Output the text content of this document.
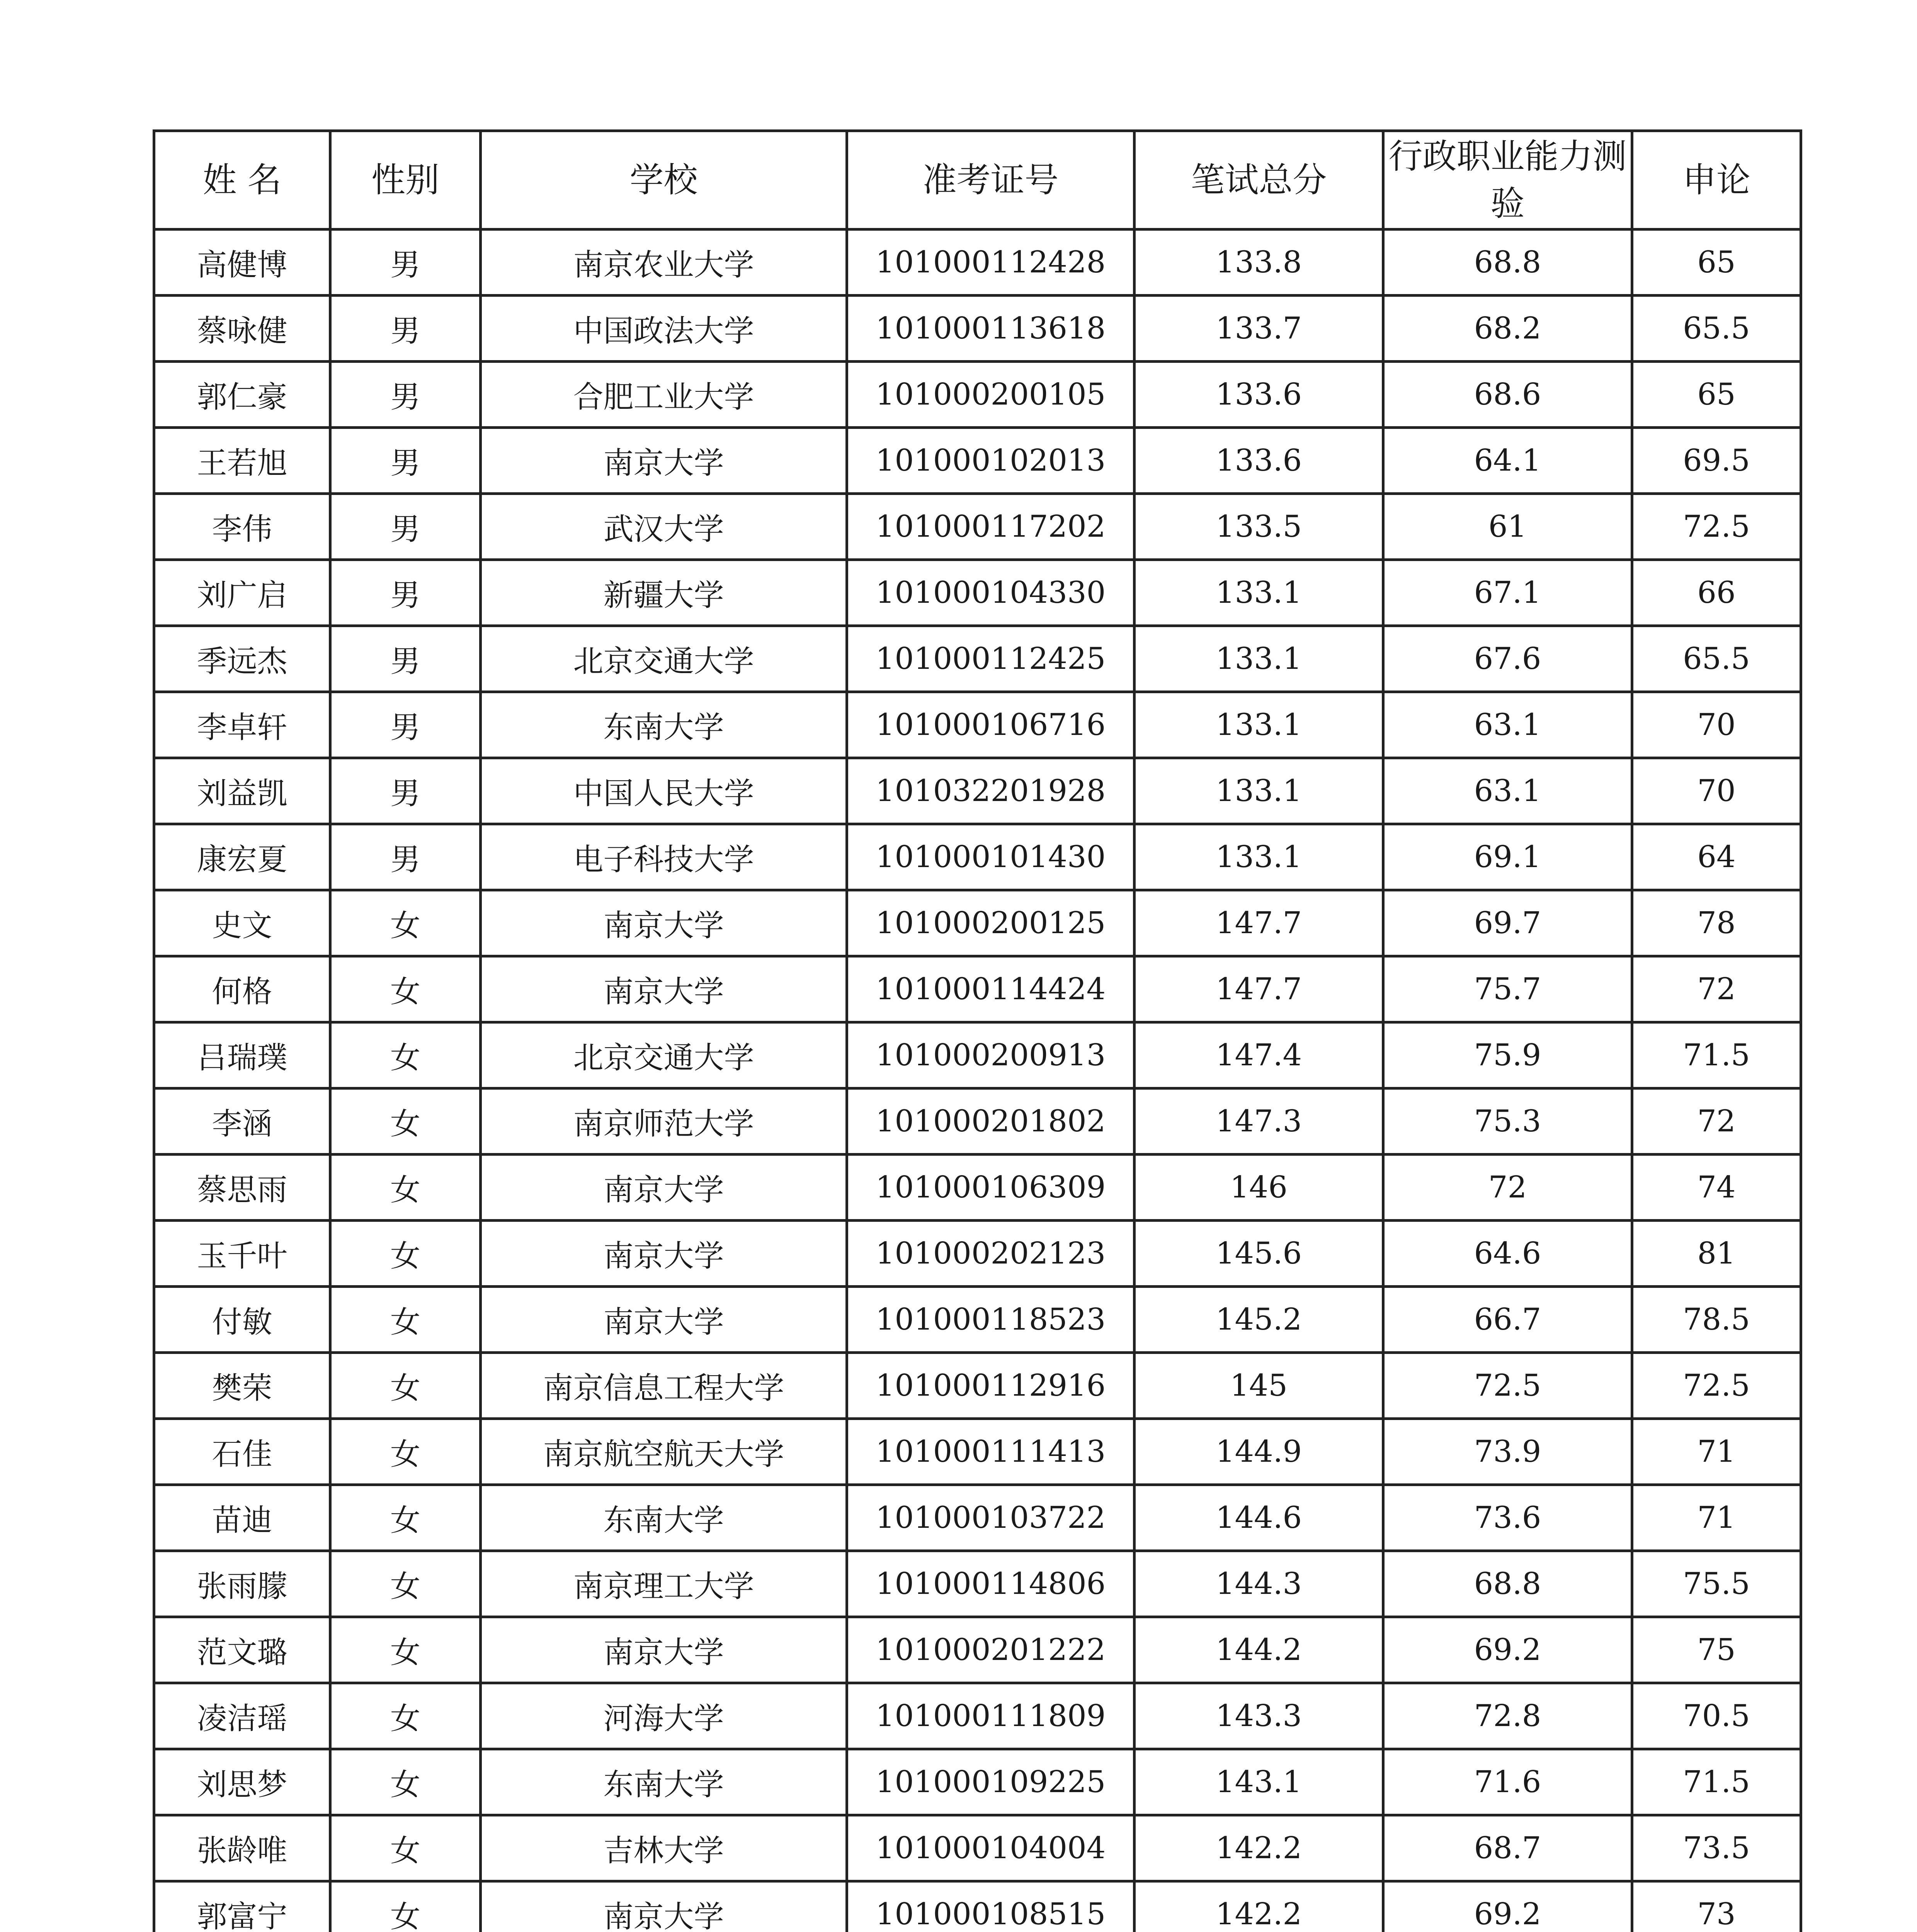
姓 名	性别	学校	准考证号	笔试总分	行政职业能力测验	申论
高健博	男	南京农业大学	101000112428	133.8	68.8	65
蔡咏健	男	中国政法大学	101000113618	133.7	68.2	65.5
郭仁豪	男	合肥工业大学	101000200105	133.6	68.6	65
王若旭	男	南京大学	101000102013	133.6	64.1	69.5
李伟	男	武汉大学	101000117202	133.5	61	72.5
刘广启	男	新疆大学	101000104330	133.1	67.1	66
季远杰	男	北京交通大学	101000112425	133.1	67.6	65.5
李卓轩	男	东南大学	101000106716	133.1	63.1	70
刘益凯	男	中国人民大学	101032201928	133.1	63.1	70
康宏夏	男	电子科技大学	101000101430	133.1	69.1	64
史文	女	南京大学	101000200125	147.7	69.7	78
何格	女	南京大学	101000114424	147.7	75.7	72
吕瑞璞	女	北京交通大学	101000200913	147.4	75.9	71.5
李涵	女	南京师范大学	101000201802	147.3	75.3	72
蔡思雨	女	南京大学	101000106309	146	72	74
玉千叶	女	南京大学	101000202123	145.6	64.6	81
付敏	女	南京大学	101000118523	145.2	66.7	78.5
樊荣	女	南京信息工程大学	101000112916	145	72.5	72.5
石佳	女	南京航空航天大学	101000111413	144.9	73.9	71
苗迪	女	东南大学	101000103722	144.6	73.6	71
张雨朦	女	南京理工大学	101000114806	144.3	68.8	75.5
范文璐	女	南京大学	101000201222	144.2	69.2	75
凌洁瑶	女	河海大学	101000111809	143.3	72.8	70.5
刘思梦	女	东南大学	101000109225	143.1	71.6	71.5
张龄唯	女	吉林大学	101000104004	142.2	68.7	73.5
郭富宁	女	南京大学	101000108515	142.2	69.2	73
